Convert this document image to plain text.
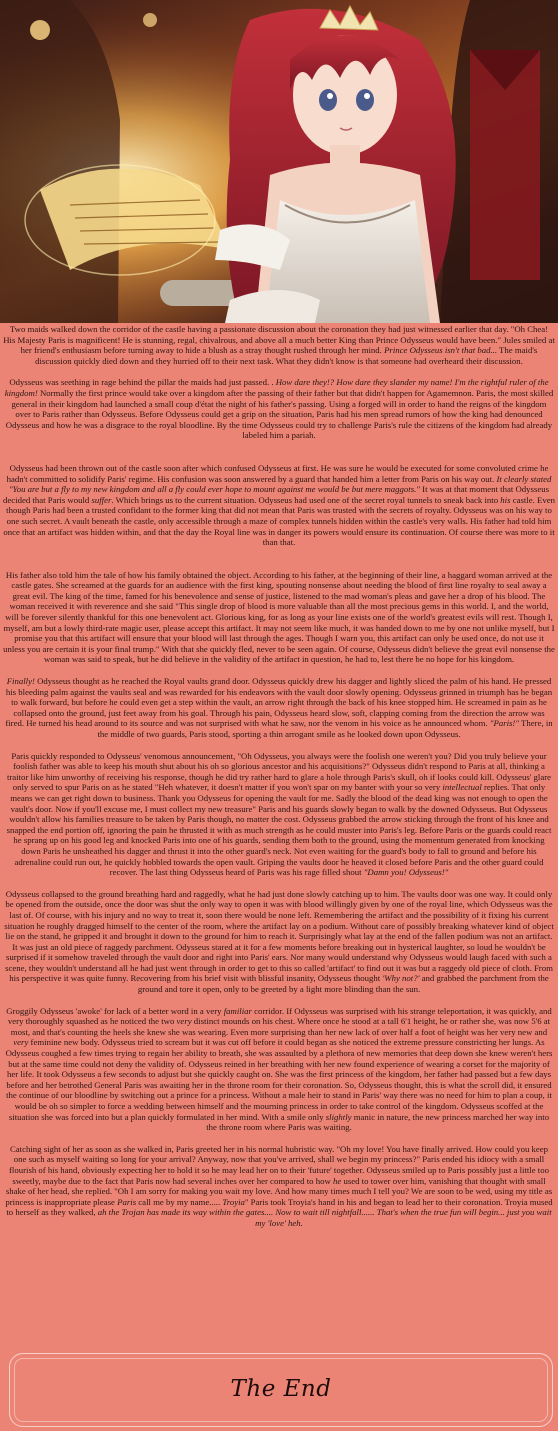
Two maids walked down the corridor of the castle having a passionate discussion about the coronation they had just witnessed earlier that day. "Oh Chea! His Majesty Paris is magnificent! He is stunning, regal, chivalrous, and above all a much better King than Prince Odysseus would have been." Jules smiled at her friend's enthusiasm before turning away to hide a blush as a stray thought rushed through her mind. Prince Odysseus isn't that bad... The maid's discussion quickly died down and they hurried off to their next task. What they didn't know is that someone had overheard their discussion.

Odysseus was seething in rage behind the pillar the maids had just passed. . How dare they!? How dare they slander my name! I'm the rightful ruler of the kingdom! Normally the first prince would take over a kingdom after the passing of their father but that didn't happen for Agamemnon. Paris, the most skilled general in their kingdom had launched a small coup d'état the night of his father's passing. Using a forged will in order to hand the reigns of the kingdom over to Paris rather than Odysseus. Before Odysseus could get a grip on the situation, Paris had his men spread rumors of how the king had denounced Odysseus and how he was a disgrace to the royal bloodline. By the time Odysseus could try to challenge Paris's rule the citizens of the kingdom had already labeled him a pariah.

Odysseus had been thrown out of the castle soon after which confused Odysseus at first. He was sure he would be executed for some convoluted crime he hadn't committed to solidify Paris' regime. His confusion was soon answered by a guard that handed him a letter from Paris on his way out. It clearly stated "You are but a fly to my new kingdom and all a fly could ever hope to mount against me would be but mere maggots." It was at that moment that Odysseus decided that Paris would suffer. Which brings us to the current situation. Odysseus had used one of the secret royal tunnels to sneak back into his castle. Even though Paris had been a trusted confidant to the former king that did not mean that Paris was trusted with the secrets of royalty. Odysseus was on his way to one such secret. A vault beneath the castle, only accessible through a maze of complex tunnels hidden within the castle's very walls. His father had told him once that an artifact was hidden within, and that the day the Royal line was in danger its powers would ensure its continuation. Of course there was more to it than that.

His father also told him the tale of how his family obtained the object. According to his father, at the beginning of their line, a haggard woman arrived at the castle gates. She screamed at the guards for an audience with the first king, spouting nonsense about needing the blood of first line royalty to seal away a great evil. The king of the time, famed for his benevolence and sense of justice, listened to the mad woman's pleas and gave her a drop of his blood. The woman received it with reverence and she said "This single drop of blood is more valuable than all the most precious gems in this world. I, and the world, will be forever silently thankful for this one benevolent act. Glorious king, for as long as your line exists one of the world's greatest evils will rest. Though I, myself, am but a lowly third-rate magic user, please accept this artifact. It may not seem like much, it was handed down to me by one not unlike myself, but I promise you that this artifact will ensure that your blood will last through the ages. Though I warn you, this artifact can only be used once, do not use it unless you are certain it is your final trump." With that she quickly fled, never to be seen again. Of course, Odysseus didn't believe the great evil nonsense the woman was said to speak, but he did believe in the validity of the artifact in question, he had to, lest there be no hope for his kingdom.

Finally! Odysseus thought as he reached the Royal vaults grand door. Odysseus quickly drew his dagger and lightly sliced the palm of his hand. He pressed his bleeding palm against the vaults seal and was rewarded for his endeavors with the vault door slowly opening. Odysseus grinned in triumph has he began to walk forward, but before he could even get a step within the vault, an arrow right through the back of his knee stopped him. He screamed in pain as he collapsed onto the ground, just feet away from his goal. Through his pain, Odysseus heard slow, soft, clapping coming from the direction the arrow was fired. He turned his head around to its source and was not surprised with what he saw, nor the venom in his voice as he announced whom. "Paris!" There, in the middle of two guards, Paris stood, sporting a thin arrogant smile as he looked down upon Odysseus.

Paris quickly responded to Odysseus' venomous announcement, "Oh Odysseus, you always were the foolish one weren't you? Did you truly believe your foolish father was able to keep his mouth shut about his oh so glorious ancestor and his acquisitions?" Odysseus didn't respond to Paris at all, thinking a traitor like him unworthy of receiving his response, though he did try rather hard to glare a hole through Paris's skull, oh if looks could kill. Odysseus' glare only served to spur Paris on as he stated "Heh whatever, it doesn't matter if you won't spar on my banter with your so very intellectual replies. That only means we can get right down to business. Thank you Odysseus for opening the vault for me. Sadly the blood of the dead king was not enough to open the vault's door. Now if you'll excuse me, I must collect my new treasure" Paris and his guards slowly began to walk by the downed Odysseus. But Odysseus wouldn't allow his families treasure to be taken by Paris though, no matter the cost. Odysseus grabbed the arrow sticking through the front of his knee and snapped the end portion off, ignoring the pain he thrusted it with as much strength as he could muster into Paris's leg. Before Paris or the guards could react he sprang up on his good leg and knocked Paris into one of his guards, sending them both to the ground, using the momentum generated from knocking down Paris he unsheathed his dagger and thrust it into the other guard's neck. Not even waiting for the guard's body to fall to ground and before his adrenaline could run out, he quickly hobbled towards the open vault. Griping the vaults door he heaved it closed before Paris and the other guard could recover. The last thing Odysseus heard of Paris was his rage filled shout "Damn you! Odysseus!"

Odysseus collapsed to the ground breathing hard and raggedly, what he had just done slowly catching up to him. The vaults door was one way. It could only be opened from the outside, once the door was shut the only way to open it was with blood willingly given by one of the royal line, which Odysseus was the last of. Of course, with his injury and no way to treat it, soon there would be none left. Remembering the artifact and the possibility of it fixing his current situation he roughly dragged himself to the center of the room, where the artifact lay on a podium. Without care of possibly breaking whatever kind of object lie on the stand, he gripped it and brought it down to the ground for him to reach it. Surprisingly what lay at the end of the fallen podium was not an artifact. It was just an old piece of raggedy parchment. Odysseus stared at it for a few moments before breaking out in hysterical laughter, so loud he wouldn't be surprised if it somehow traveled through the vault door and right into Paris' ears. Nor many would understand why Odysseus would laugh faced with such a scene, they wouldn't understand all he had just went through in order to get to this so called 'artifact' to find out it was but a raggedy old piece of cloth. From his perspective it was quite funny. Recovering from his brief visit with blissful insanity, Odysseus thought 'Why not?' and grabbed the parchment from the ground and tore it open, only to be greeted by a light more blinding than the sun.

Groggily Odysseus 'awoke' for lack of a better word in a very familiar corridor. If Odysseus was surprised with his strange teleportation, it was quickly, and very thoroughly squashed as he noticed the two very distinct mounds on his chest. Where once he stood at a tall 6'1 height, he or rather she, was now 5'6 at most, and that's counting the heels she knew she was wearing. Even more surprising than her new lack of over half a foot of height was her very new and very feminine new body. Odysseus tried to scream but it was cut off before it could began as she noticed the extreme pressure constricting her lungs. As Odysseus coughed a few times trying to regain her ability to breath, she was assaulted by a plethora of new memories that deep down she knew weren't hers but at the same time could not deny the validity of. Odysseus reined in her breathing with her new found experience of wearing a corset for the majority of her life. It took Odysseus a few seconds to adjust but she quickly caught on. She was the first princess of the kingdom, her father had passed but a few days before and her betrothed General Paris was awaiting her in the throne room for their coronation. So, Odysseus thought, this is what the scroll did, it ensured the continue of our bloodline by switching out a prince for a princess. Without a male heir to stand in Paris' way there was no need for him to plan a coup, it would be oh so simpler to force a wedding between himself and the mourning princess in order to take control of the kingdom. Odysseus scoffed at the situation she was forced into but a plan quickly formulated in her mind. With a smile only slightly manic in nature, the new princess marched her way into the throne room where Paris was waiting.

Catching sight of her as soon as she walked in, Paris greeted her in his normal hubristic way. "Oh my love! You have finally arrived. How could you keep one such as myself waiting so long for your arrival? Anyway, now that you've arrived, shall we begin my princess?" Paris ended his idiocy with a small flourish of his hand, obviously expecting her to hold it so he may lead her on to their 'future' together. Odysseus smiled up to Paris possibly just a little too sweetly, maybe due to the fact that Paris now had several inches over her compared to how he used to tower over him, vanishing that thought with small shake of her head, she replied. "Oh I am sorry for making you wait my love. And how many times much I tell you? We are soon to be wed, using my title as princess is inappropriate please Paris call me by my name..... Troyia" Paris took Troyia's hand in his and began to lead her to their coronation. Troyia mused to herself as they walked, ah the Trojan has made its way within the gates.... Now to wait till nightfall...... That's when the true fun will begin... just you wait my 'love' heh.

The End
